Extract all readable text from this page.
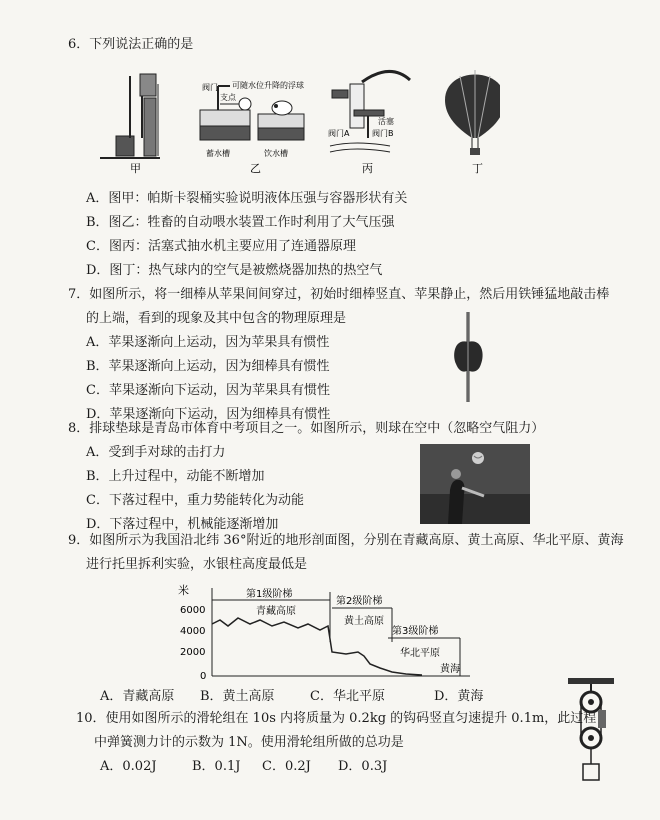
6．下列说法正确的是
甲
阀门
支点
可随水位升降的浮球
蓄水槽	饮水槽
乙
活塞
阀门A	阀门B
丙	丁
A．图甲：帕斯卡裂桶实验说明液体压强与容器形状有关
B．图乙：牲畜的自动喂水装置工作时利用了大气压强
C．图丙：活塞式抽水机主要应用了连通器原理
D．图丁：热气球内的空气是被燃烧器加热的热空气
7．如图所示，将一细棒从苹果间间穿过，初始时细棒竖直、苹果静止，然后用铁锤猛地敲击棒
的上端，看到的现象及其中包含的物理原理是
A．苹果逐渐向上运动，因为苹果具有惯性
B．苹果逐渐向上运动，因为细棒具有惯性
C．苹果逐渐向下运动，因为苹果具有惯性
D．苹果逐渐向下运动，因为细棒具有惯性
8．排球垫球是青岛市体育中考项目之一。如图所示，则球在空中（忽略空气阻力）
A．受到手对球的击打力
B．上升过程中，动能不断增加
C．下落过程中，重力势能转化为动能
D．下落过程中，机械能逐渐增加
9．如图所示为我国沿北纬 36°附近的地形剖面图，分别在青藏高原、黄土高原、华北平原、黄海
进行托里拆利实验，水银柱高度最低是
米
6000
4000
2000
0
第1级阶梯
第2级阶梯
第3级阶梯
青藏高原
黄土高原
华北平原
黄海
A．青藏高原 B．黄土高原	C．华北平原	D．黄海
10．使用如图所示的滑轮组在 10s 内将质量为 0.2kg 的钩码竖直匀速提升 0.1m，此过程
中弹簧测力计的示数为 1N。使用滑轮组所做的总功是
A．0.02J	B．0.1J C．0.2J D．0.3J
